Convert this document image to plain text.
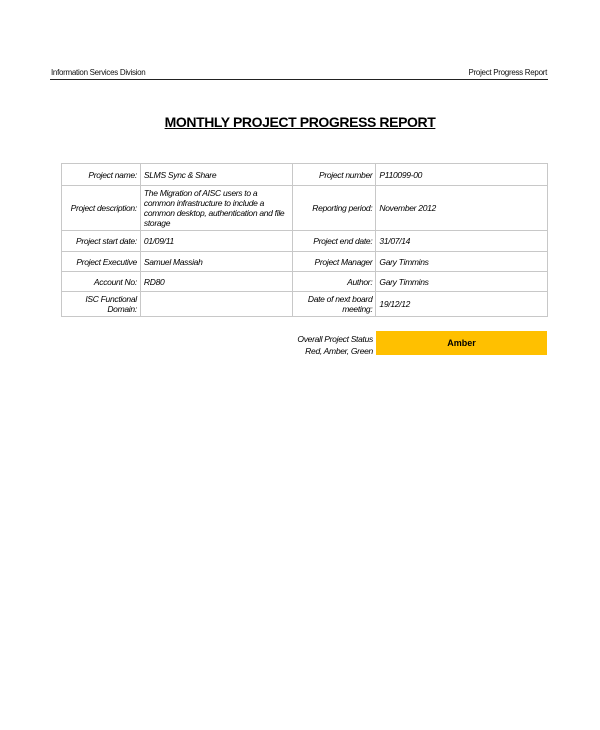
Information Services Division	Project Progress Report
MONTHLY PROJECT PROGRESS REPORT
Project name:	SLMS Sync & Share	Project number	P110099-00
Project description:	The Migration of AISC users to a common infrastructure to include a common desktop, authentication and file storage	Reporting period:	November 2012
Project start date:	01/09/11	Project end date:	31/07/14
Project Executive	Samuel Massiah	Project Manager	Gary Timmins
Account No:	RD80	Author:	Gary Timmins
ISC Functional Domain:		Date of next board meeting:	19/12/12
Overall Project Status
Red, Amber, Green
Amber
